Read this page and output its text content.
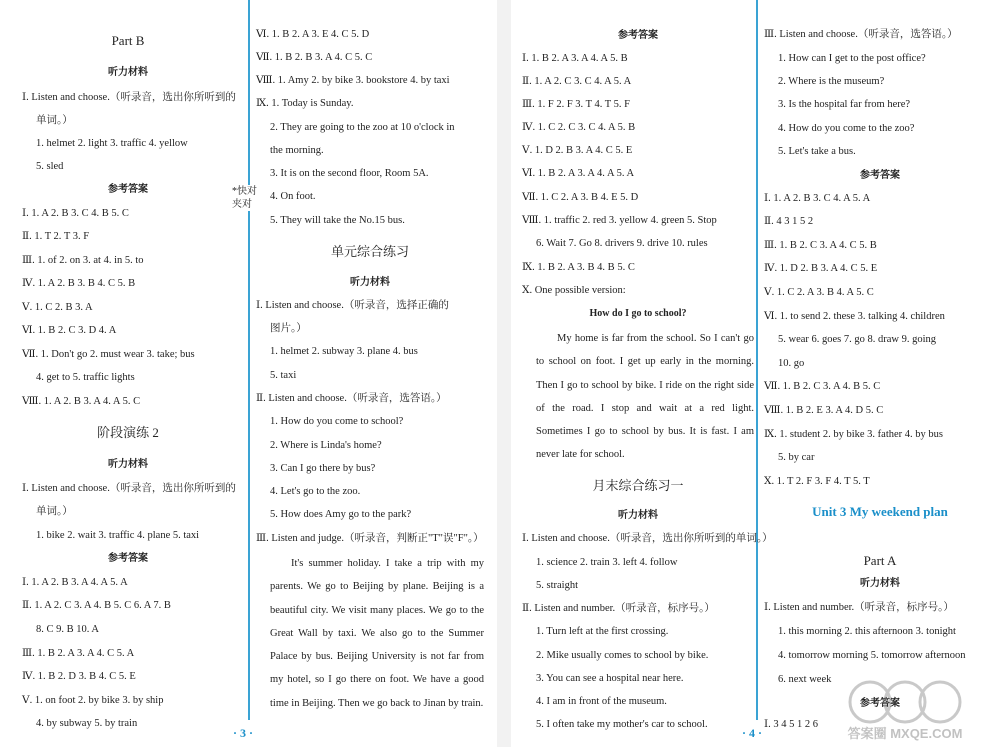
Part B
听力材料
Ⅰ. Listen and choose.（听录音，选出你所听到的
单词。）
1. helmet 2. light 3. traffic 4. yellow
5. sled
参考答案
Ⅰ. 1. A 2. B 3. C 4. B 5. C
Ⅱ. 1. T 2. T 3. F
Ⅲ. 1. of 2. on 3. at 4. in 5. to
Ⅳ. 1. A 2. B 3. B 4. C 5. B
Ⅴ. 1. C 2. B 3. A
Ⅵ. 1. B 2. C 3. D 4. A
Ⅶ. 1. Don't go 2. must wear 3. take; bus
4. get to 5. traffic lights
Ⅷ. 1. A 2. B 3. A 4. A 5. C
阶段演练 2
听力材料
Ⅰ. Listen and choose.（听录音，选出你所听到的
单词。）
1. bike 2. wait 3. traffic 4. plane 5. taxi
参考答案
Ⅰ. 1. A 2. B 3. A 4. A 5. A
Ⅱ. 1. A 2. C 3. A 4. B 5. C 6. A 7. B
8. C 9. B 10. A
Ⅲ. 1. B 2. A 3. A 4. C 5. A
Ⅳ. 1. B 2. D 3. B 4. C 5. E
Ⅴ. 1. on foot 2. by bike 3. by ship
4. by subway 5. by train
It's summer holiday. I take a trip with my parents. We go to Beijing by plane. Beijing is a beautiful city. We visit many places. We go to the Great Wall by taxi. We also go to the Summer Palace by bus. Beijing University is not far from my hotel, so I go there on foot. We have a good time in Beijing. Then we go back to Jinan by train.
Ⅵ. 1. B 2. A 3. E 4. C 5. D
Ⅶ. 1. B 2. B 3. A 4. C 5. C
Ⅷ. 1. Amy 2. by bike 3. bookstore 4. by taxi
Ⅸ. 1. Today is Sunday.
2. They are going to the zoo at 10 o'clock in
the morning.
3. It is on the second floor, Room 5A.
4. On foot.
5. They will take the No.15 bus.
单元综合练习
听力材料
Ⅰ. Listen and choose.（听录音，选择正确的
图片。）
1. helmet 2. subway 3. plane 4. bus
5. taxi
Ⅱ. Listen and choose.（听录音，选答语。）
1. How do you come to school?
2. Where is Linda's home?
3. Can I go there by bus?
4. Let's go to the zoo.
5. How does Amy go to the park?
Ⅲ. Listen and judge.（听录音，判断正"T"误"F"。）
My home is far from the school. So I can't go to school on foot. I get up early in the morning. Then I go to school by bike. I ride on the right side of the road. I stop and wait at a red light. Sometimes I go to school by bus. It is fast. I am never late for school.
参考答案
Ⅰ. 1. B 2. A 3. A 4. A 5. B
Ⅱ. 1. A 2. C 3. C 4. A 5. A
Ⅲ. 1. F 2. F 3. T 4. T 5. F
Ⅳ. 1. C 2. C 3. C 4. A 5. B
Ⅴ. 1. D 2. B 3. A 4. C 5. E
Ⅵ. 1. B 2. A 3. A 4. A 5. A
Ⅶ. 1. C 2. A 3. B 4. E 5. D
Ⅷ. 1. traffic 2. red 3. yellow 4. green 5. Stop
6. Wait 7. Go 8. drivers 9. drive 10. rules
Ⅸ. 1. B 2. A 3. B 4. B 5. C
Ⅹ. One possible version:
How do I go to school?
月末综合练习一
听力材料
Ⅰ. Listen and choose.（听录音，选出你所听到的单词。）
1. science 2. train 3. left 4. follow
5. straight
Ⅱ. Listen and number.（听录音，标序号。）
1. Turn left at the first crossing.
2. Mike usually comes to school by bike.
3. You can see a hospital near here.
4. I am in front of the museum.
5. I often take my mother's car to school.
Unit 3 My weekend plan
Ⅲ. Listen and choose.（听录音，选答语。）
1. How can I get to the post office?
2. Where is the museum?
3. Is the hospital far from here?
4. How do you come to the zoo?
5. Let's take a bus.
参考答案
Ⅰ. 1. A 2. B 3. C 4. A 5. A
Ⅱ. 4 3 1 5 2
Ⅲ. 1. B 2. C 3. A 4. C 5. B
Ⅳ. 1. D 2. B 3. A 4. C 5. E
Ⅴ. 1. C 2. A 3. B 4. A 5. C
Ⅵ. 1. to send 2. these 3. talking 4. children
5. wear 6. goes 7. go 8. draw 9. going
10. go
Ⅶ. 1. B 2. C 3. A 4. B 5. C
Ⅷ. 1. B 2. E 3. A 4. D 5. C
Ⅸ. 1. student 2. by bike 3. father 4. by bus
5. by car
Ⅹ. 1. T 2. F 3. F 4. T 5. T
Part A
听力材料
Ⅰ. Listen and number.（听录音，标序号。）
1. this morning 2. this afternoon 3. tonight
4. tomorrow morning 5. tomorrow afternoon
6. next week
参考答案
Ⅰ. 3 4 5 1 2 6
*快对
夹对
· 3 ·	· 4 ·	答案圈 MXQE.COM
